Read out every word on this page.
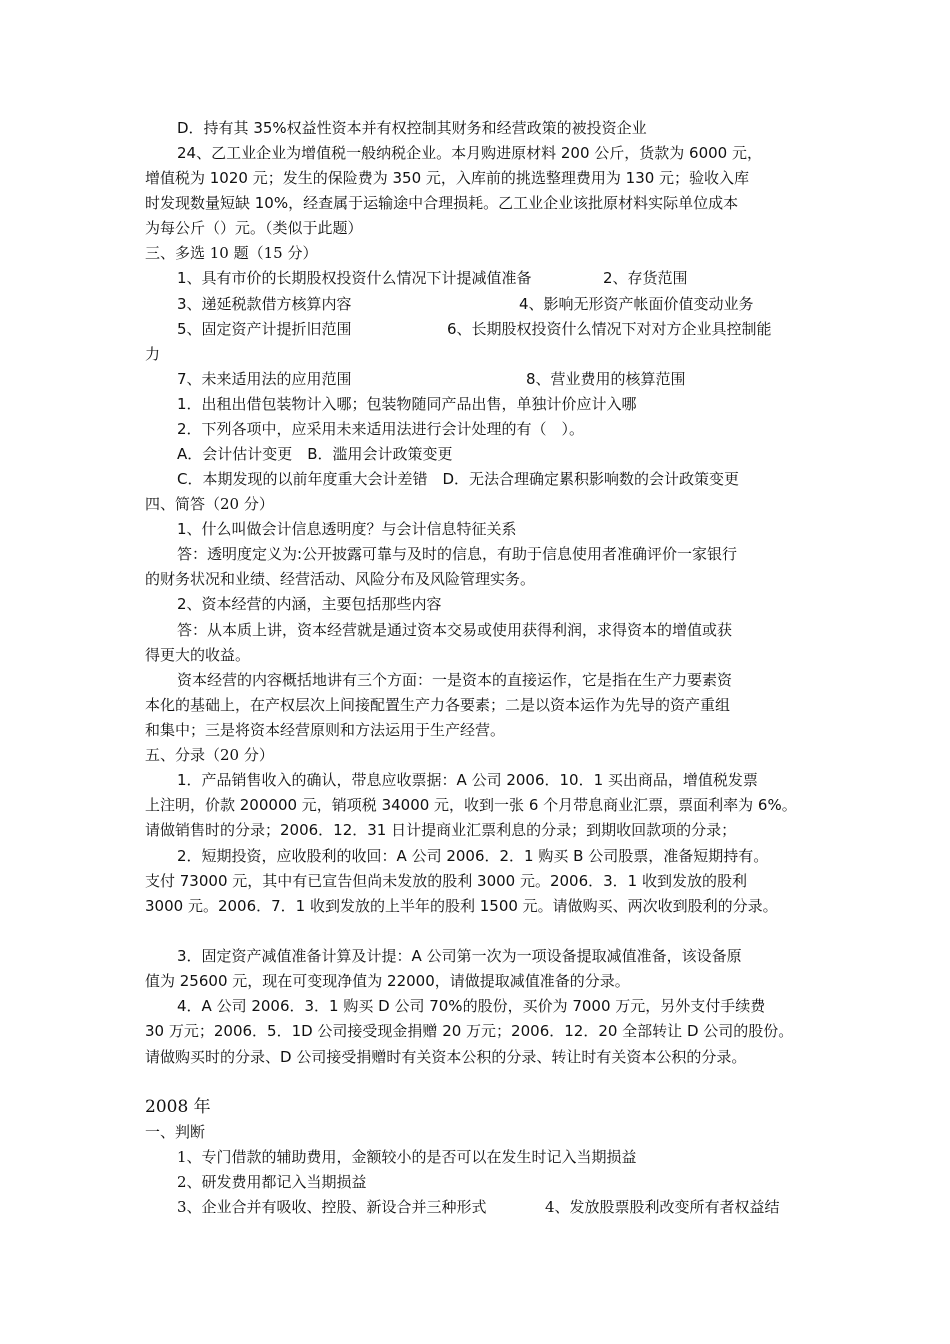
D．持有其 35%权益性资本并有权控制其财务和经营政策的被投资企业
24、乙工业企业为增值税一般纳税企业。本月购进原材料 200 公斤，货款为 6000 元，
增值税为 1020 元；发生的保险费为 350 元，入库前的挑选整理费用为 130 元；验收入库
时发现数量短缺 10%，经查属于运输途中合理损耗。乙工业企业该批原材料实际单位成本
为每公斤（）元。（类似于此题）
三、多选 10 题（15 分）
1、具有市价的长期股权投资什么情况下计提减值准备	2、存货范围
3、递延税款借方核算内容	4、影响无形资产帐面价值变动业务
5、固定资产计提折旧范围	6、长期股权投资什么情况下对对方企业具控制能
力
7、未来适用法的应用范围	8、营业费用的核算范围
1．出租出借包装物计入哪；包装物随同产品出售，单独计价应计入哪
2．下列各项中，应采用未来适用法进行会计处理的有（　）。
A．会计估计变更　B．滥用会计政策变更
C．本期发现的以前年度重大会计差错　D．无法合理确定累积影响数的会计政策变更
四、简答（20 分）
1、什么叫做会计信息透明度？与会计信息特征关系
答：透明度定义为:公开披露可靠与及时的信息，有助于信息使用者准确评价一家银行
的财务状况和业绩、经营活动、风险分布及风险管理实务。
2、资本经营的内涵，主要包括那些内容
答：从本质上讲，资本经营就是通过资本交易或使用获得利润，求得资本的增值或获
得更大的收益。
资本经营的内容概括地讲有三个方面：一是资本的直接运作，它是指在生产力要素资
本化的基础上，在产权层次上间接配置生产力各要素；二是以资本运作为先导的资产重组
和集中；三是将资本经营原则和方法运用于生产经营。
五、分录（20 分）
1．产品销售收入的确认，带息应收票据：A 公司 2006．10．1 买出商品，增值税发票
上注明，价款 200000 元，销项税 34000 元，收到一张 6 个月带息商业汇票，票面利率为 6%。
请做销售时的分录；2006．12．31 日计提商业汇票利息的分录；到期收回款项的分录；
2．短期投资，应收股利的收回：A 公司 2006．2．1 购买 B 公司股票，准备短期持有。
支付 73000 元，其中有已宣告但尚未发放的股利 3000 元。2006．3．1 收到发放的股利
3000 元。2006．7．1 收到发放的上半年的股利 1500 元。请做购买、两次收到股利的分录。
3．固定资产减值准备计算及计提：A 公司第一次为一项设备提取减值准备，该设备原
值为 25600 元，现在可变现净值为 22000，请做提取减值准备的分录。
4．A 公司 2006．3．1 购买 D 公司 70%的股份，买价为 7000 万元，另外支付手续费
30 万元；2006．5．1D 公司接受现金捐赠 20 万元；2006．12．20 全部转让 D 公司的股份。
请做购买时的分录、D 公司接受捐赠时有关资本公积的分录、转让时有关资本公积的分录。
2008 年
一、判断
1、专门借款的辅助费用，金额较小的是否可以在发生时记入当期损益
2、研发费用都记入当期损益
3、企业合并有吸收、控股、新设合并三种形式	4、发放股票股利改变所有者权益结
